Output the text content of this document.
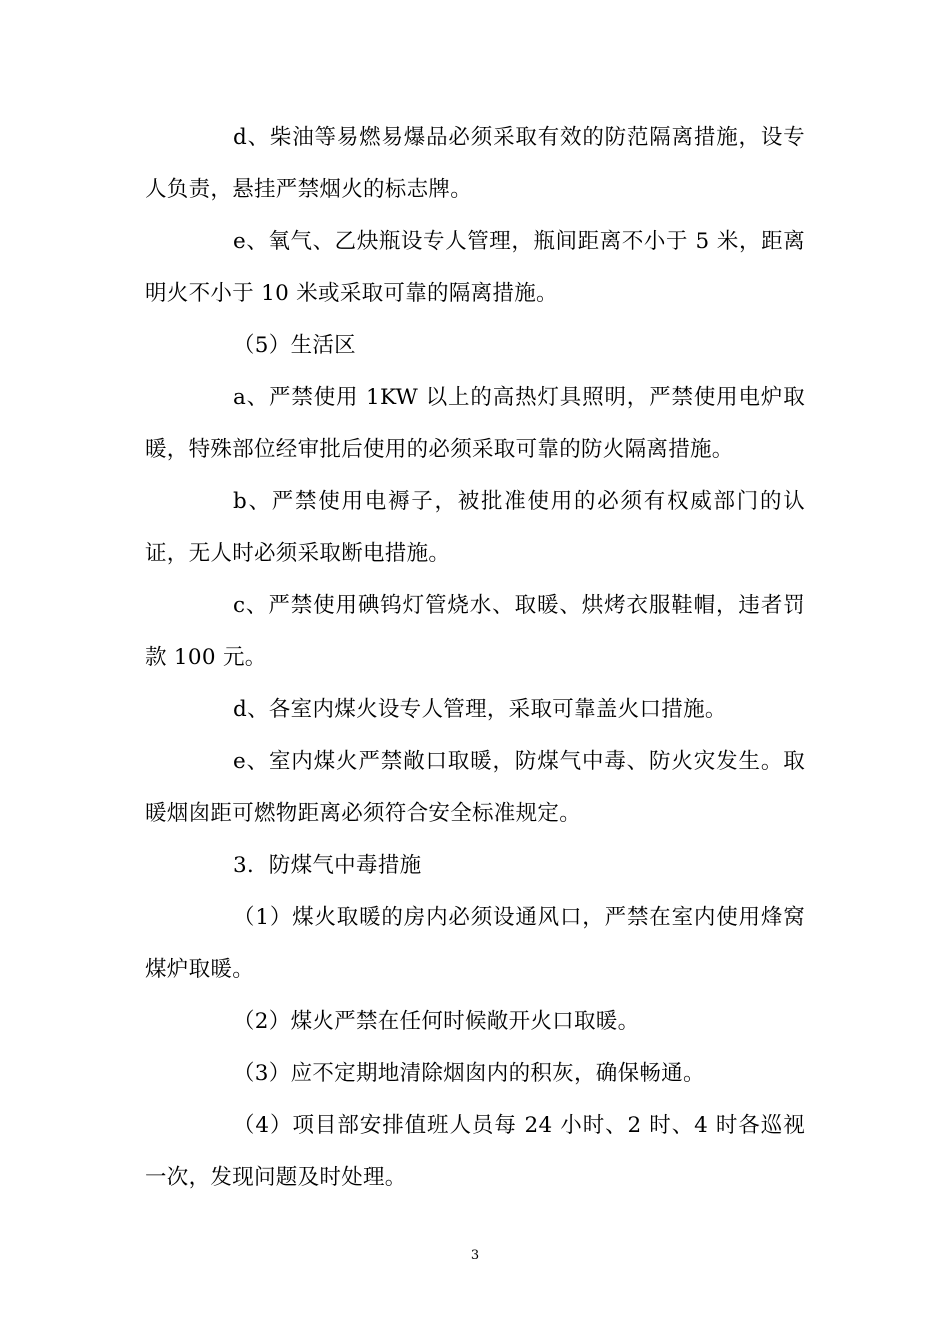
d、柴油等易燃易爆品必须采取有效的防范隔离措施，设专人负责，悬挂严禁烟火的标志牌。

e、氧气、乙炔瓶设专人管理，瓶间距离不小于 5 米，距离明火不小于 10 米或采取可靠的隔离措施。

（5）生活区

a、严禁使用 1KW 以上的高热灯具照明，严禁使用电炉取暖，特殊部位经审批后使用的必须采取可靠的防火隔离措施。

b、严禁使用电褥子，被批准使用的必须有权威部门的认证，无人时必须采取断电措施。

c、严禁使用碘钨灯管烧水、取暖、烘烤衣服鞋帽，违者罚款 100 元。

d、各室内煤火设专人管理，采取可靠盖火口措施。

e、室内煤火严禁敞口取暖，防煤气中毒、防火灾发生。取暖烟囱距可燃物距离必须符合安全标准规定。

3．防煤气中毒措施

（1）煤火取暖的房内必须设通风口，严禁在室内使用烽窝煤炉取暖。

（2）煤火严禁在任何时候敞开火口取暖。

（3）应不定期地清除烟囱内的积灰，确保畅通。

（4）项目部安排值班人员每 24 小时、2 时、4 时各巡视一次，发现问题及时处理。

3
